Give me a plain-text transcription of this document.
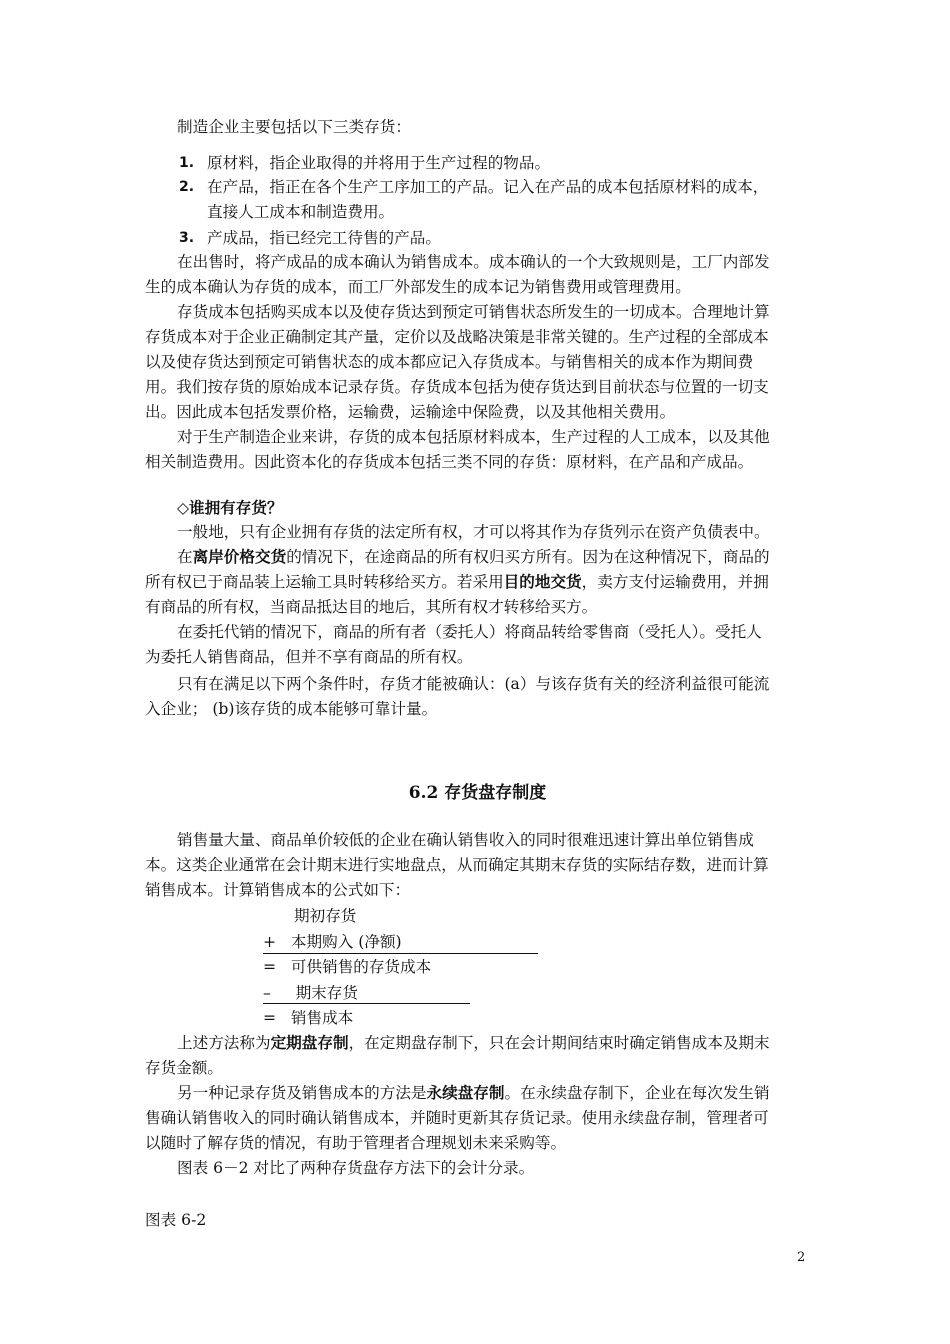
制造企业主要包括以下三类存货：
1. 原材料，指企业取得的并将用于生产过程的物品。
2. 在产品，指正在各个生产工序加工的产品。记入在产品的成本包括原材料的成本，
直接人工成本和制造费用。
3. 产成品，指已经完工待售的产品。
在出售时，将产成品的成本确认为销售成本。成本确认的一个大致规则是，工厂内部发
生的成本确认为存货的成本，而工厂外部发生的成本记为销售费用或管理费用。
存货成本包括购买成本以及使存货达到预定可销售状态所发生的一切成本。合理地计算
存货成本对于企业正确制定其产量，定价以及战略决策是非常关键的。生产过程的全部成本
以及使存货达到预定可销售状态的成本都应记入存货成本。与销售相关的成本作为期间费
用。我们按存货的原始成本记录存货。存货成本包括为使存货达到目前状态与位置的一切支
出。因此成本包括发票价格，运输费，运输途中保险费，以及其他相关费用。
对于生产制造企业来讲，存货的成本包括原材料成本，生产过程的人工成本，以及其他
相关制造费用。因此资本化的存货成本包括三类不同的存货：原材料，在产品和产成品。
◇谁拥有存货？
一般地，只有企业拥有存货的法定所有权，才可以将其作为存货列示在资产负债表中。
在离岸价格交货的情况下，在途商品的所有权归买方所有。因为在这种情况下，商品的
所有权已于商品装上运输工具时转移给买方。若采用目的地交货，卖方支付运输费用，并拥
有商品的所有权，当商品抵达目的地后，其所有权才转移给买方。
在委托代销的情况下，商品的所有者（委托人）将商品转给零售商（受托人）。受托人
为委托人销售商品，但并不享有商品的所有权。
只有在满足以下两个条件时，存货才能被确认：(a）与该存货有关的经济利益很可能流
入企业； (b)该存货的成本能够可靠计量。
6.2 存货盘存制度
销售量大量、商品单价较低的企业在确认销售收入的同时很难迅速计算出单位销售成
本。这类企业通常在会计期末进行实地盘点，从而确定其期末存货的实际结存数，进而计算
销售成本。计算销售成本的公式如下：
期初存货
+   本期购入 (净额)
=   可供销售的存货成本
–     期末存货
=   销售成本
上述方法称为定期盘存制，在定期盘存制下，只在会计期间结束时确定销售成本及期末
存货金额。
另一种记录存货及销售成本的方法是永续盘存制。在永续盘存制下，企业在每次发生销
售确认销售收入的同时确认销售成本，并随时更新其存货记录。使用永续盘存制，管理者可
以随时了解存货的情况，有助于管理者合理规划未来采购等。
图表 6－2 对比了两种存货盘存方法下的会计分录。
图表 6-2
2
